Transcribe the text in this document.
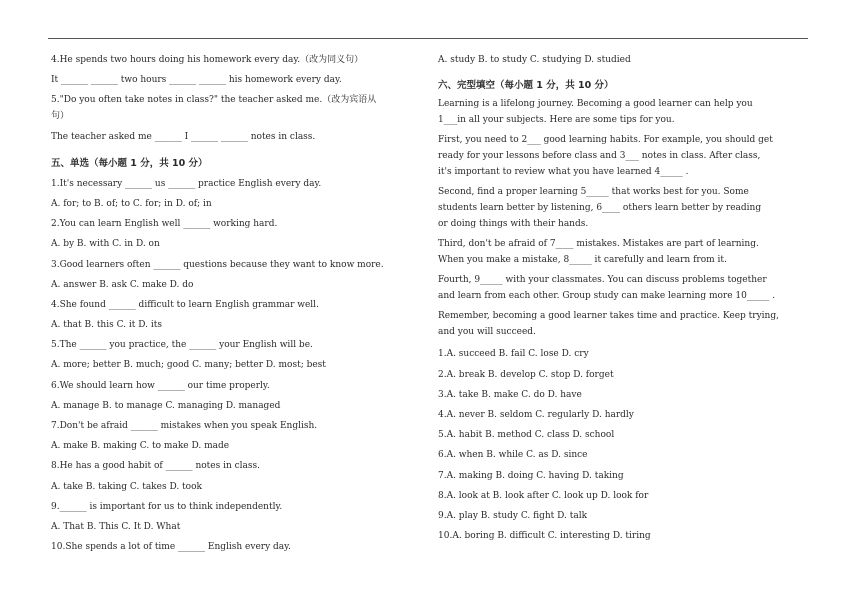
4.He spends two hours doing his homework every day.（改为同义句）
It ______ ______ two hours ______ ______ his homework every day.
5."Do you often take notes in class?" the teacher asked me.（改为宾语从
句）
The teacher asked me ______ I ______ ______ notes in class.
五、单选（每小题 1 分，共 10 分）
1.It's necessary ______ us ______ practice English every day.
A. for; to B. of; to C. for; in D. of; in
2.You can learn English well ______ working hard.
A. by B. with C. in D. on
3.Good learners often ______ questions because they want to know more.
A. answer B. ask C. make D. do
4.She found ______ difficult to learn English grammar well.
A. that B. this C. it D. its
5.The ______ you practice, the ______ your English will be.
A. more; better B. much; good C. many; better D. most; best
6.We should learn how ______ our time properly.
A. manage B. to manage C. managing D. managed
7.Don't be afraid ______ mistakes when you speak English.
A. make B. making C. to make D. made
8.He has a good habit of ______ notes in class.
A. take B. taking C. takes D. took
9.______ is important for us to think independently.
A. That B. This C. It D. What
10.She spends a lot of time ______ English every day.
A. study B. to study C. studying D. studied
六、完型填空（每小题 1 分，共 10 分）
Learning is a lifelong journey. Becoming a good learner can help you
1___in all your subjects. Here are some tips for you.
First, you need to 2___ good learning habits. For example, you should get
ready for your lessons before class and 3___ notes in class. After class,
it's important to review what you have learned 4_____ .
Second, find a proper learning 5_____ that works best for you. Some
students learn better by listening, 6____ others learn better by reading
or doing things with their hands.
Third, don't be afraid of 7____ mistakes. Mistakes are part of learning.
When you make a mistake, 8_____ it carefully and learn from it.
Fourth, 9_____ with your classmates. You can discuss problems together
and learn from each other. Group study can make learning more 10_____ .
Remember, becoming a good learner takes time and practice. Keep trying,
and you will succeed.
1.A. succeed B. fail C. lose D. cry
2.A. break B. develop C. stop D. forget
3.A. take B. make C. do D. have
4.A. never B. seldom C. regularly D. hardly
5.A. habit B. method C. class D. school
6.A. when B. while C. as D. since
7.A. making B. doing C. having D. taking
8.A. look at B. look after C. look up D. look for
9.A. play B. study C. fight D. talk
10.A. boring B. difficult C. interesting D. tiring
